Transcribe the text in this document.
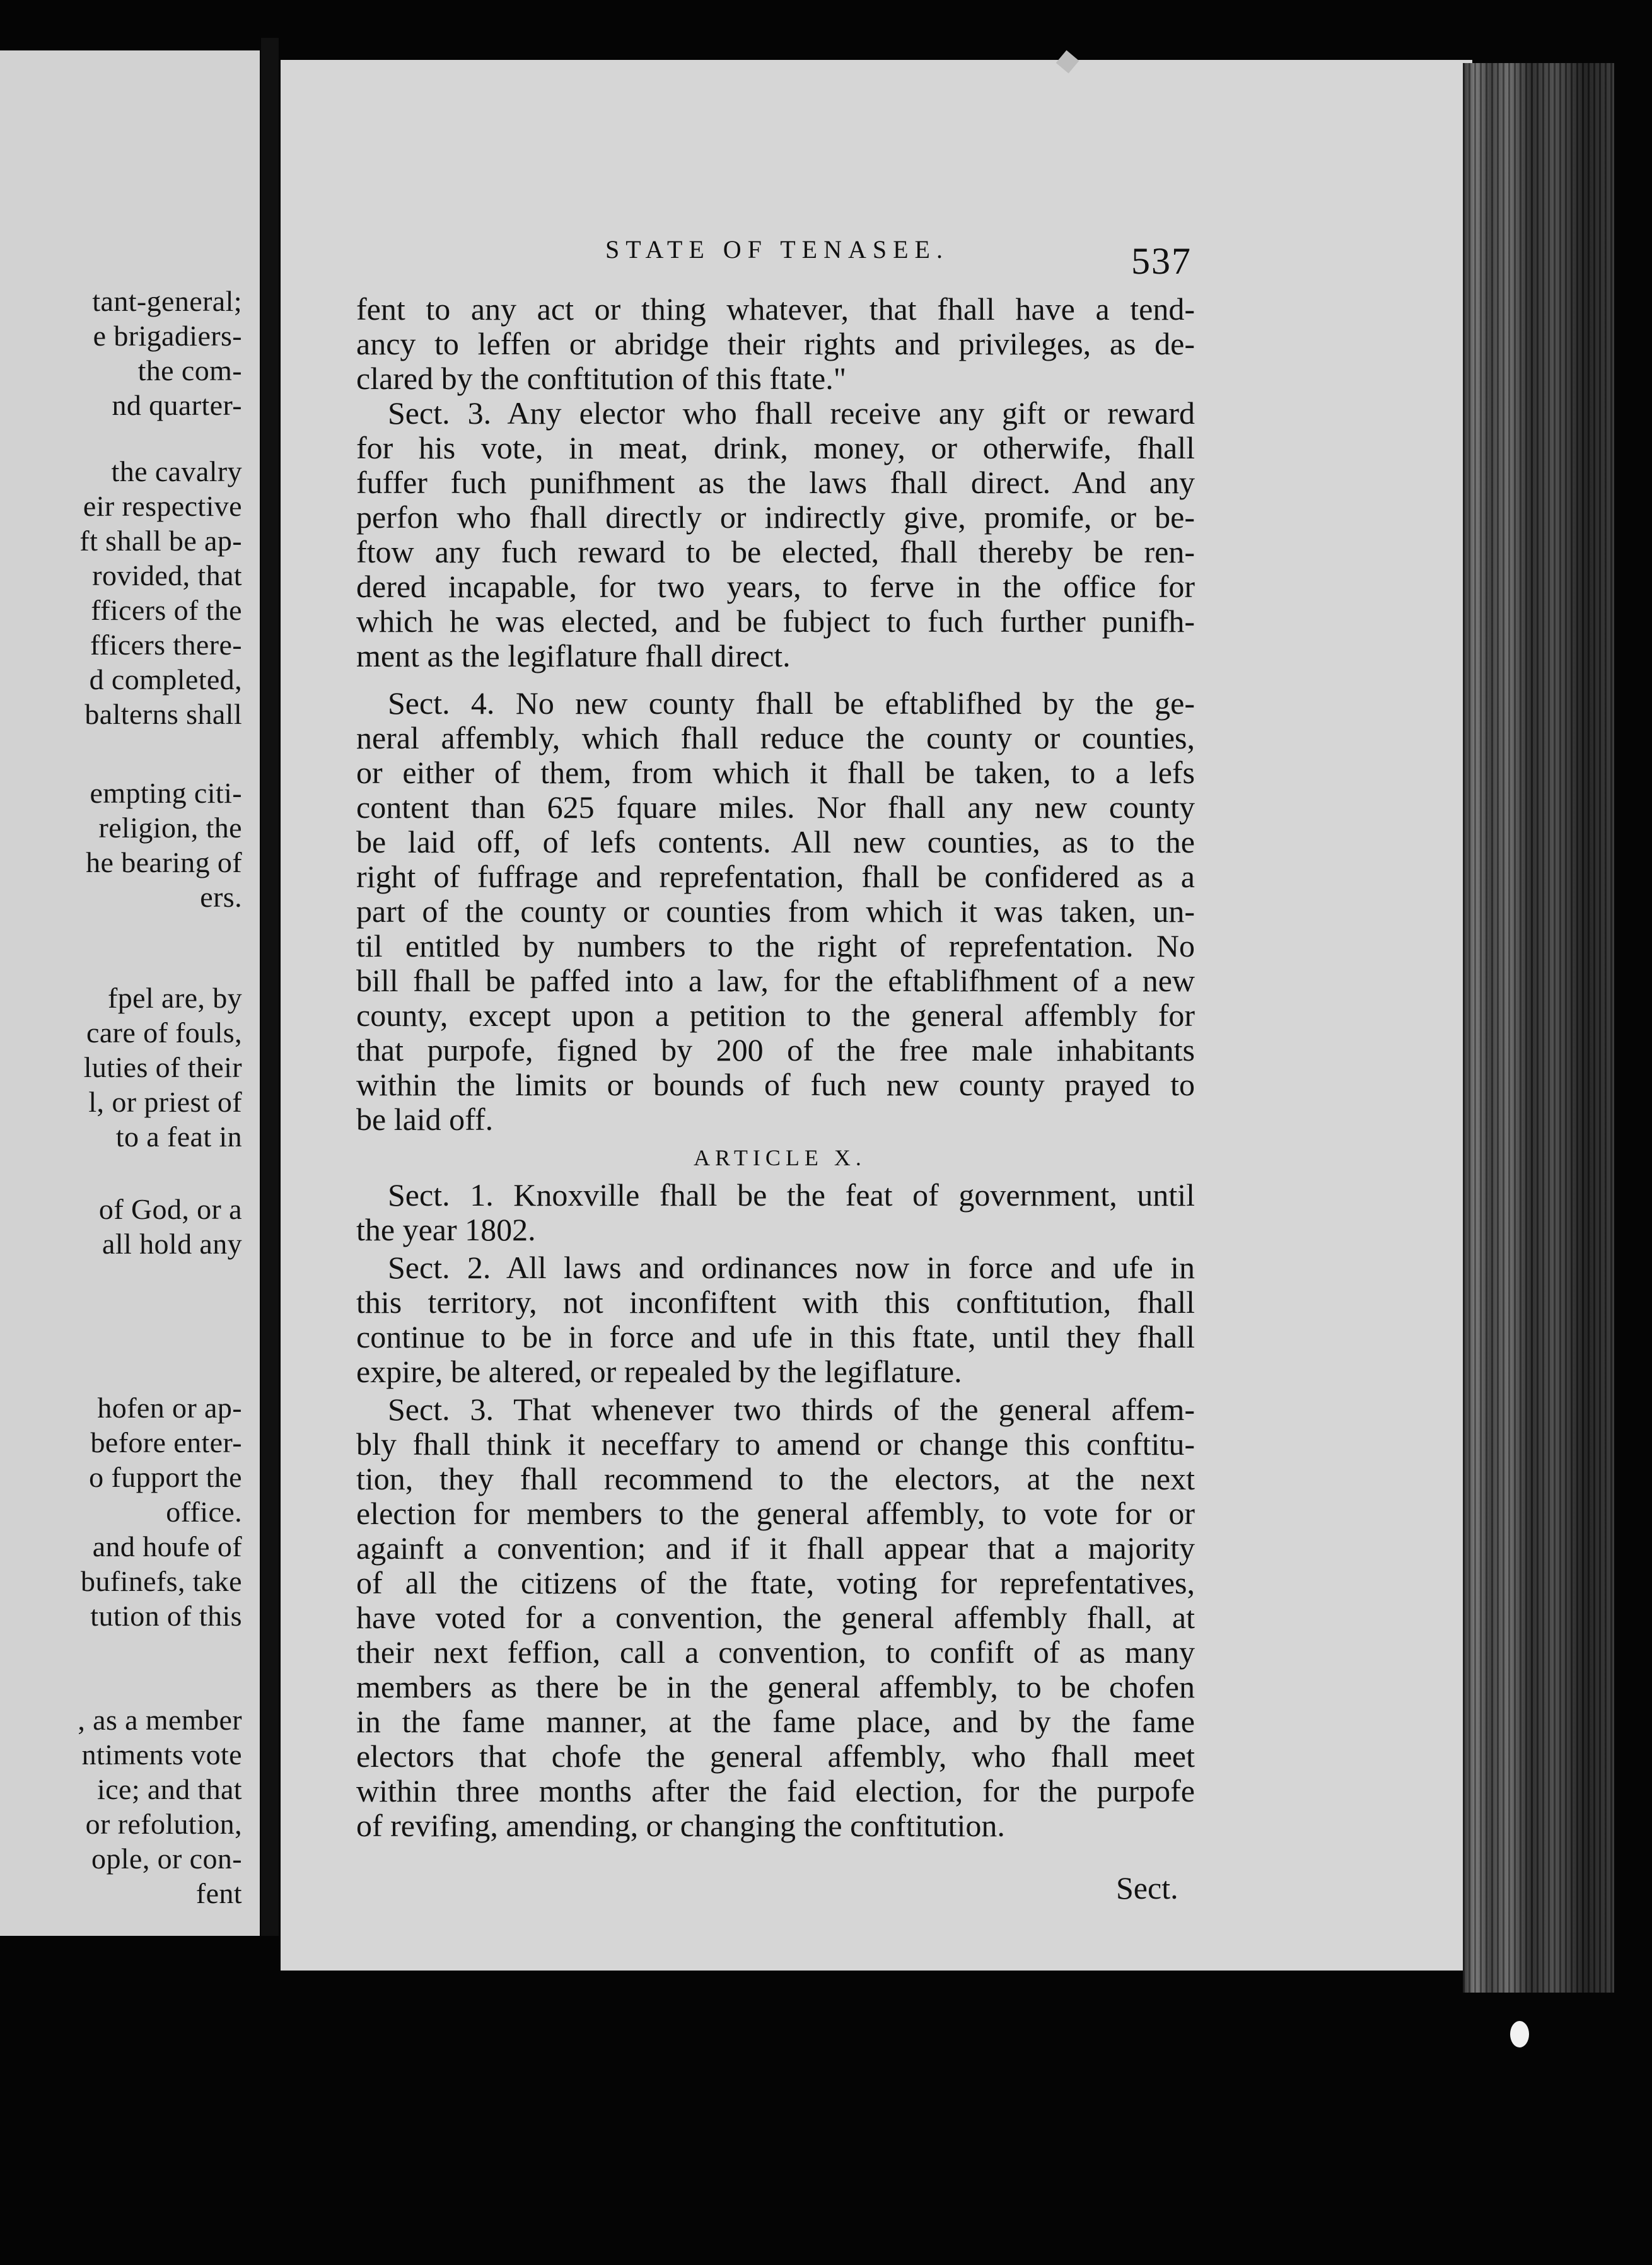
tant-general;
e brigadiers-
the com-
nd quarter-
the cavalry
eir respective
ft shall be ap-
rovided, that
fficers of the
fficers there-
d completed,
balterns shall
empting citi-
religion, the
he bearing of
ers.
fpel are, by
care of fouls,
luties of their
l, or priest of
to a feat in
of God, or a
all hold any
hofen or ap-
before enter-
o fupport the
office.
and houfe of
bufinefs, take
tution of this
, as a member
ntiments vote
ice; and that
or refolution,
ople, or con-
fent
STATE OF TENASEE.	537
fent to any act or thing whatever, that fhall have a tend-
ancy to leffen or abridge their rights and privileges, as de-
clared by the conftitution of this ftate."
Sect. 3. Any elector who fhall receive any gift or reward
for his vote, in meat, drink, money, or otherwife, fhall
fuffer fuch punifhment as the laws fhall direct. And any
perfon who fhall directly or indirectly give, promife, or be-
ftow any fuch reward to be elected, fhall thereby be ren-
dered incapable, for two years, to ferve in the office for
which he was elected, and be fubject to fuch further punifh-
ment as the legiflature fhall direct.
Sect. 4. No new county fhall be eftablifhed by the ge-
neral affembly, which fhall reduce the county or counties,
or either of them, from which it fhall be taken, to a lefs
content than 625 fquare miles. Nor fhall any new county
be laid off, of lefs contents. All new counties, as to the
right of fuffrage and reprefentation, fhall be confidered as a
part of the county or counties from which it was taken, un-
til entitled by numbers to the right of reprefentation. No
bill fhall be paffed into a law, for the eftablifhment of a new
county, except upon a petition to the general affembly for
that purpofe, figned by 200 of the free male inhabitants
within the limits or bounds of fuch new county prayed to
be laid off.
ARTICLE X.
Sect. 1. Knoxville fhall be the feat of government, until
the year 1802.
Sect. 2. All laws and ordinances now in force and ufe in
this territory, not inconfiftent with this conftitution, fhall
continue to be in force and ufe in this ftate, until they fhall
expire, be altered, or repealed by the legiflature.
Sect. 3. That whenever two thirds of the general affem-
bly fhall think it neceffary to amend or change this conftitu-
tion, they fhall recommend to the electors, at the next
election for members to the general affembly, to vote for or
againft a convention; and if it fhall appear that a majority
of all the citizens of the ftate, voting for reprefentatives,
have voted for a convention, the general affembly fhall, at
their next feffion, call a convention, to confift of as many
members as there be in the general affembly, to be chofen
in the fame manner, at the fame place, and by the fame
electors that chofe the general affembly, who fhall meet
within three months after the faid election, for the purpofe
of revifing, amending, or changing the conftitution.
Sect.
